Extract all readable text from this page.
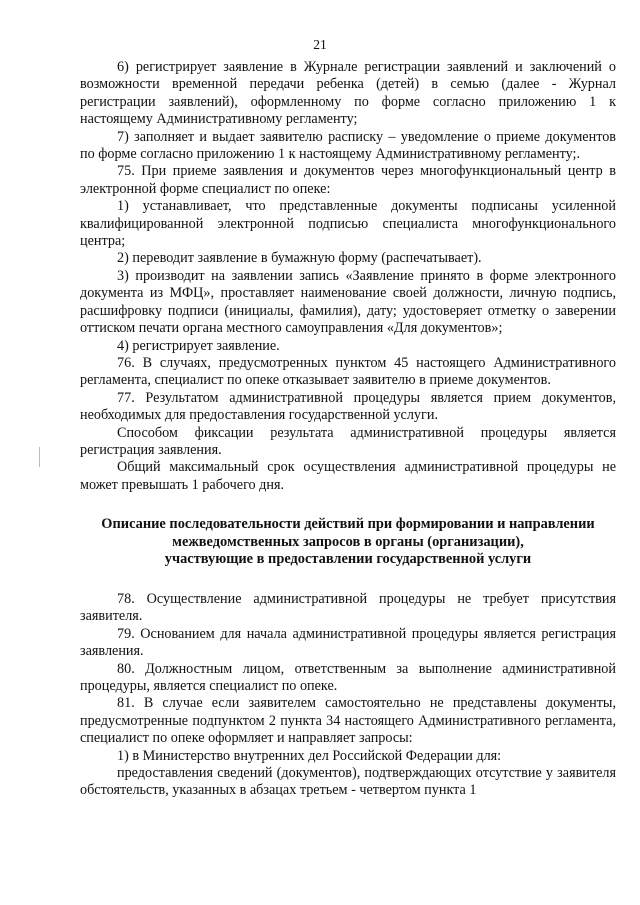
21

6) регистрирует заявление в Журнале регистрации заявлений и заключений о возможности временной передачи ребенка (детей) в семью (далее - Журнал регистрации заявлений), оформленному по форме согласно приложению 1 к настоящему Административному регламенту;

7) заполняет и выдает заявителю расписку – уведомление о приеме документов по форме согласно приложению 1 к настоящему Административному регламенту;.

75. При приеме заявления и документов через многофункциональный центр в электронной форме специалист по опеке:

1) устанавливает, что представленные документы подписаны усиленной квалифицированной электронной подписью специалиста многофункционального центра;

2) переводит заявление в бумажную форму (распечатывает).

3) производит на заявлении запись «Заявление принято в форме электронного документа из МФЦ», проставляет наименование своей должности, личную подпись, расшифровку подписи (инициалы, фамилия), дату; удостоверяет отметку о заверении оттиском печати органа местного самоуправления «Для документов»;

4) регистрирует заявление.

76. В случаях, предусмотренных пунктом 45 настоящего Административного регламента, специалист по опеке отказывает заявителю в приеме документов.

77. Результатом административной процедуры является прием документов, необходимых для предоставления государственной услуги.

Способом фиксации результата административной процедуры является регистрация заявления.

Общий максимальный срок осуществления административной процедуры не может превышать 1 рабочего дня.

Описание последовательности действий при формировании и направлении

межведомственных запросов в органы (организации),

участвующие в предоставлении государственной услуги

78. Осуществление административной процедуры не требует присутствия заявителя.

79. Основанием для начала административной процедуры является регистрация заявления.

80. Должностным лицом, ответственным за выполнение административной процедуры, является специалист по опеке.

81. В случае если заявителем самостоятельно не представлены документы, предусмотренные подпунктом 2 пункта 34 настоящего Административного регламента, специалист по опеке оформляет и направляет запросы:

1) в Министерство внутренних дел Российской Федерации для:

предоставления сведений (документов), подтверждающих отсутствие у заявителя обстоятельств, указанных в абзацах третьем - четвертом пункта 1
